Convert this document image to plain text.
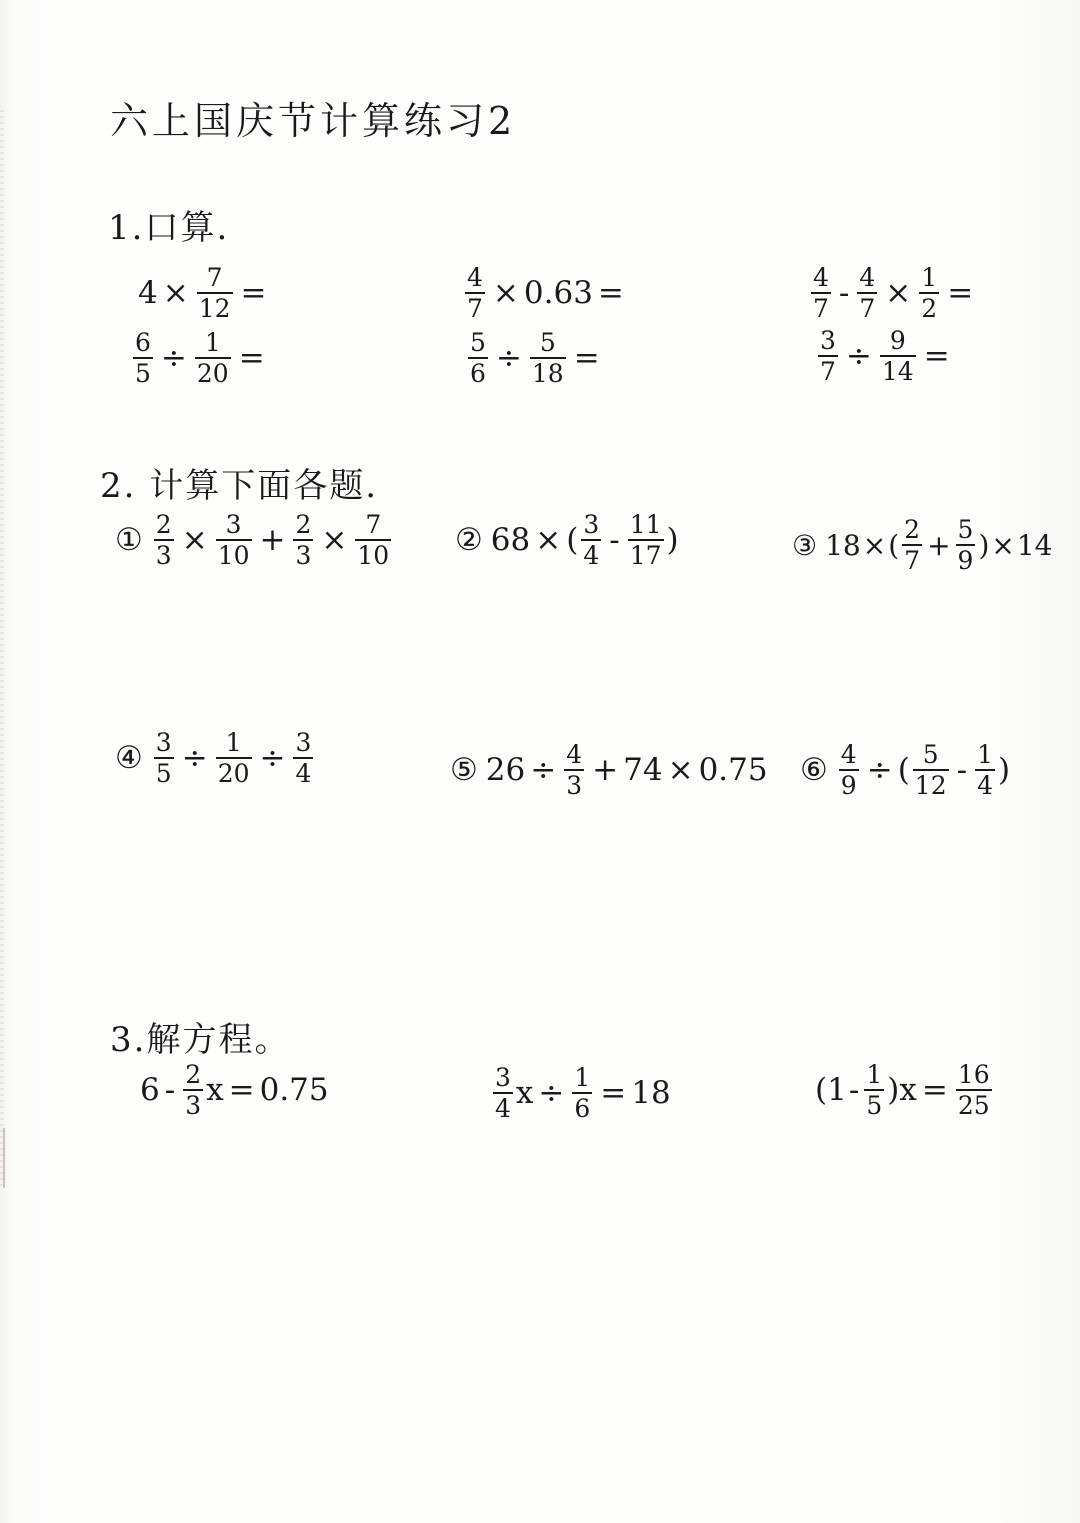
六上国庆节计算练习2
1.口算.
$4 \times \frac{7}{12}$ =	$\frac{4}{7} \times 0.63$ =	$\frac{4}{7} - \frac{4}{7} \times \frac{1}{2}$ =
$\frac{6}{5} \div \frac{1}{20}$ =	$\frac{5}{6} \div \frac{5}{18}$ =	$\frac{3}{7} \div \frac{9}{14}$ =
2. 计算下面各题.
① $\frac{2}{3} \times \frac{3}{10} + \frac{2}{3} \times \frac{7}{10}$ ② 68 × ( $\frac{3}{4} - \frac{11}{17}$ )	③ 18 × ( $\frac{2}{7} + \frac{5}{9}$ ) × 14
④ $\frac{3}{5} \div \frac{1}{20} \div \frac{3}{4}$	⑤ $26 \div \frac{4}{3} + 74 \times 0.75$ ⑥ $\frac{4}{9}$ ÷ ( $\frac{5}{12} - \frac{1}{4}$ )
3.解方程。
$6 - \frac{2}{3}$ x = 0.75	$\frac{3}{4}$ $x \div \frac{1}{6} = 18$	( $1 - \frac{1}{5}$ ) $x = \frac{16}{25}$
